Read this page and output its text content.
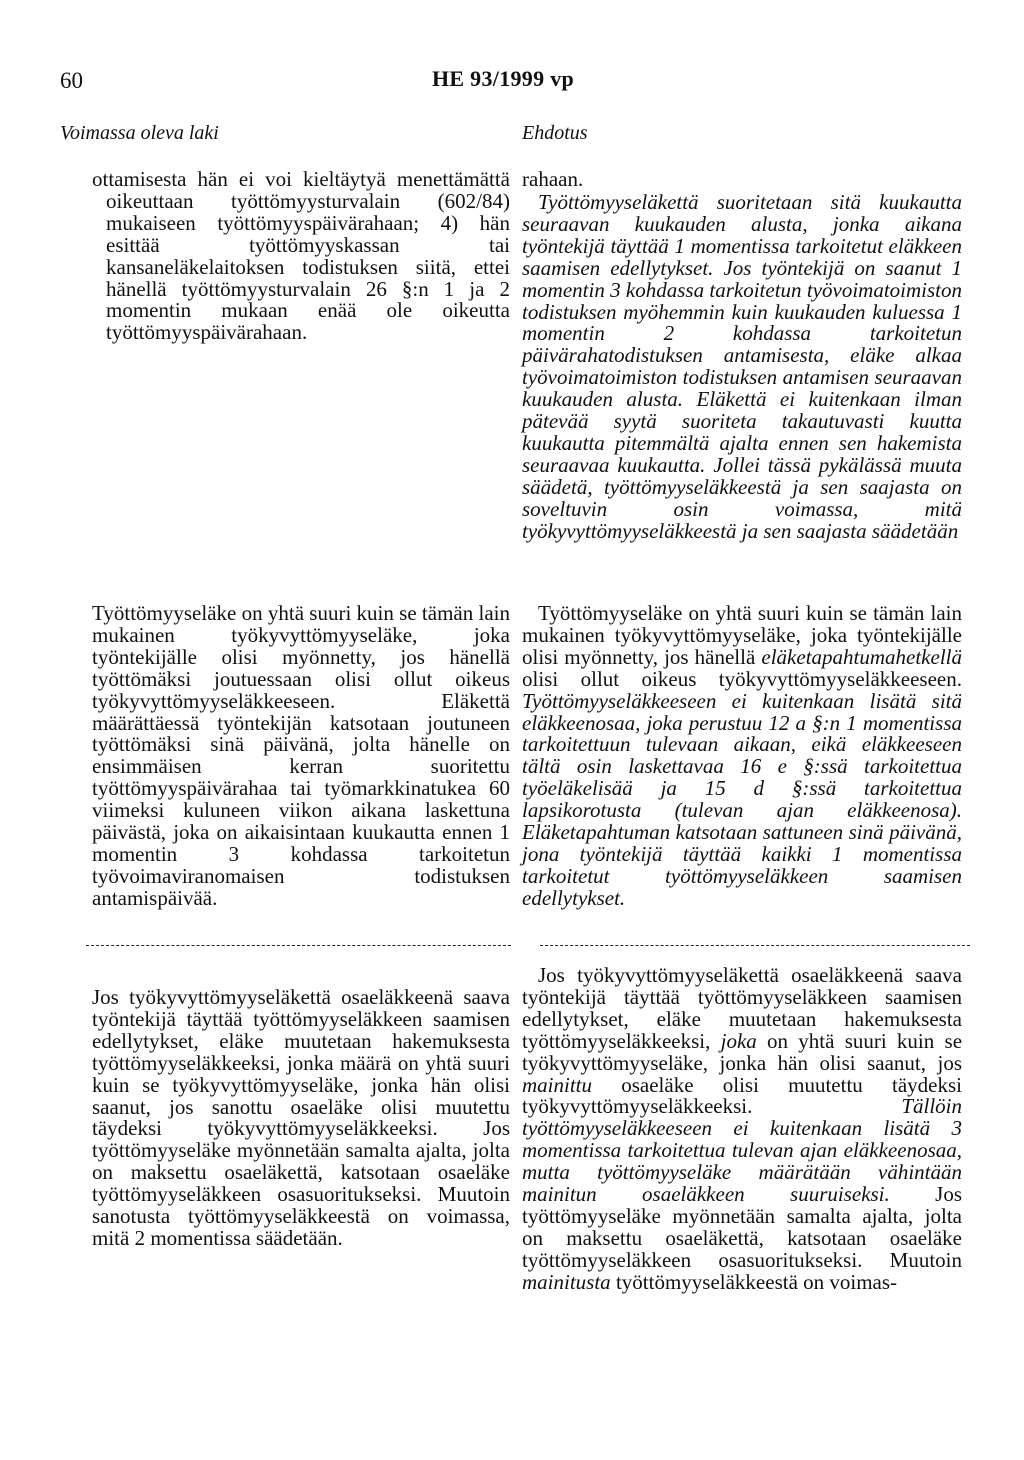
60	HE 93/1999 vp
Voimassa oleva laki	Ehdotus

ottamisesta hän ei voi kieltäytyä menettämättä oikeuttaan työttömyysturvalain (602/84) mukaiseen työttömyyspäivärahaan; 4) hän esittää työttömyyskassan tai kansaneläkelaitoksen todistuksen siitä, ettei hänellä työttömyysturvalain 26 §:n 1 ja 2 momentin mukaan enää ole oikeutta työttömyyspäivärahaan.

Työttömyyseläke on yhtä suuri kuin se tämän lain mukainen työkyvyttömyyseläke, joka työntekijälle olisi myönnetty, jos hänellä työttömäksi joutuessaan olisi ollut oikeus työkyvyttömyyseläkkeeseen. Eläkettä määrättäessä työntekijän katsotaan joutuneen työttömäksi sinä päivänä, jolta hänelle on ensimmäisen kerran suoritettu työttömyyspäivärahaa tai työmarkkinatukea 60 viimeksi kuluneen viikon aikana laskettuna päivästä, joka on aikaisintaan kuukautta ennen 1 momentin 3 kohdassa tarkoitetun työvoimaviranomaisen todistuksen antamispäivää.

Jos työkyvyttömyyseläkettä osaeläkkeenä saava työntekijä täyttää työttömyyseläkkeen saamisen edellytykset, eläke muutetaan hakemuksesta työttömyyseläkkeeksi, jonka määrä on yhtä suuri kuin se työkyvyttömyyseläke, jonka hän olisi saanut, jos sanottu osaeläke olisi muutettu täydeksi työkyvyttömyyseläkkeeksi. Jos työttömyyseläke myönnetään samalta ajalta, jolta on maksettu osaeläkettä, katsotaan osaeläke työttömyyseläkkeen osasuoritukseksi. Muutoin sanotusta työttömyyseläkkeestä on voimassa, mitä 2 momentissa säädetään.

rahaan.

Työttömyyseläkettä suoritetaan sitä kuukautta seuraavan kuukauden alusta, jonka aikana työntekijä täyttää 1 momentissa tarkoitetut eläkkeen saamisen edellytykset. Jos työntekijä on saanut 1 momentin 3 kohdassa tarkoitetun työvoimatoimiston todistuksen myöhemmin kuin kuukauden kuluessa 1 momentin 2 kohdassa tarkoitetun päivärahatodistuksen antamisesta, eläke alkaa työvoimatoimiston todistuksen antamisen seuraavan kuukauden alusta. Eläkettä ei kuitenkaan ilman pätevää syytä suoriteta takautuvasti kuutta kuukautta pitemmältä ajalta ennen sen hakemista seuraavaa kuukautta. Jollei tässä pykälässä muuta säädetä, työttömyyseläkkeestä ja sen saajasta on soveltuvin osin voimassa, mitä työkyvyttömyyseläkkeestä ja sen saajasta säädetään

Työttömyyseläke on yhtä suuri kuin se tämän lain mukainen työkyvyttömyyseläke, joka työntekijälle olisi myönnetty, jos hänellä eläketapahtumahetkellä olisi ollut oikeus työkyvyttömyyseläkkeeseen. Työttömyyseläkkeeseen ei kuitenkaan lisätä sitä eläkkeenosaa, joka perustuu 12 a §:n 1 momentissa tarkoitettuun tulevaan aikaan, eikä eläkkeeseen tältä osin laskettavaa 16 e §:ssä tarkoitettua työeläkelisää ja 15 d §:ssä tarkoitettua lapsikorotusta (tulevan ajan eläkkeenosa). Eläketapahtuman katsotaan sattuneen sinä päivänä, jona työntekijä täyttää kaikki 1 momentissa tarkoitetut työttömyyseläkkeen saamisen edellytykset.

Jos työkyvyttömyyseläkettä osaeläkkeenä saava työntekijä täyttää työttömyyseläkkeen saamisen edellytykset, eläke muutetaan hakemuksesta työttömyyseläkkeeksi, joka on yhtä suuri kuin se työkyvyttömyyseläke, jonka hän olisi saanut, jos mainittu osaeläke olisi muutettu täydeksi työkyvyttömyyseläkkeeksi.	Tällöin työttömyyseläkkeeseen ei kuitenkaan lisätä 3 momentissa tarkoitettua tulevan ajan eläkkeenosaa, mutta työttömyyseläke määrätään vähintään mainitun osaeläkkeen suuruiseksi. Jos työttömyyseläke myönnetään samalta ajalta, jolta on maksettu osaeläkettä, katsotaan osaeläke työttömyyseläkkeen osasuoritukseksi. Muutoin mainitusta työttömyyseläkkeestä on voimas-
